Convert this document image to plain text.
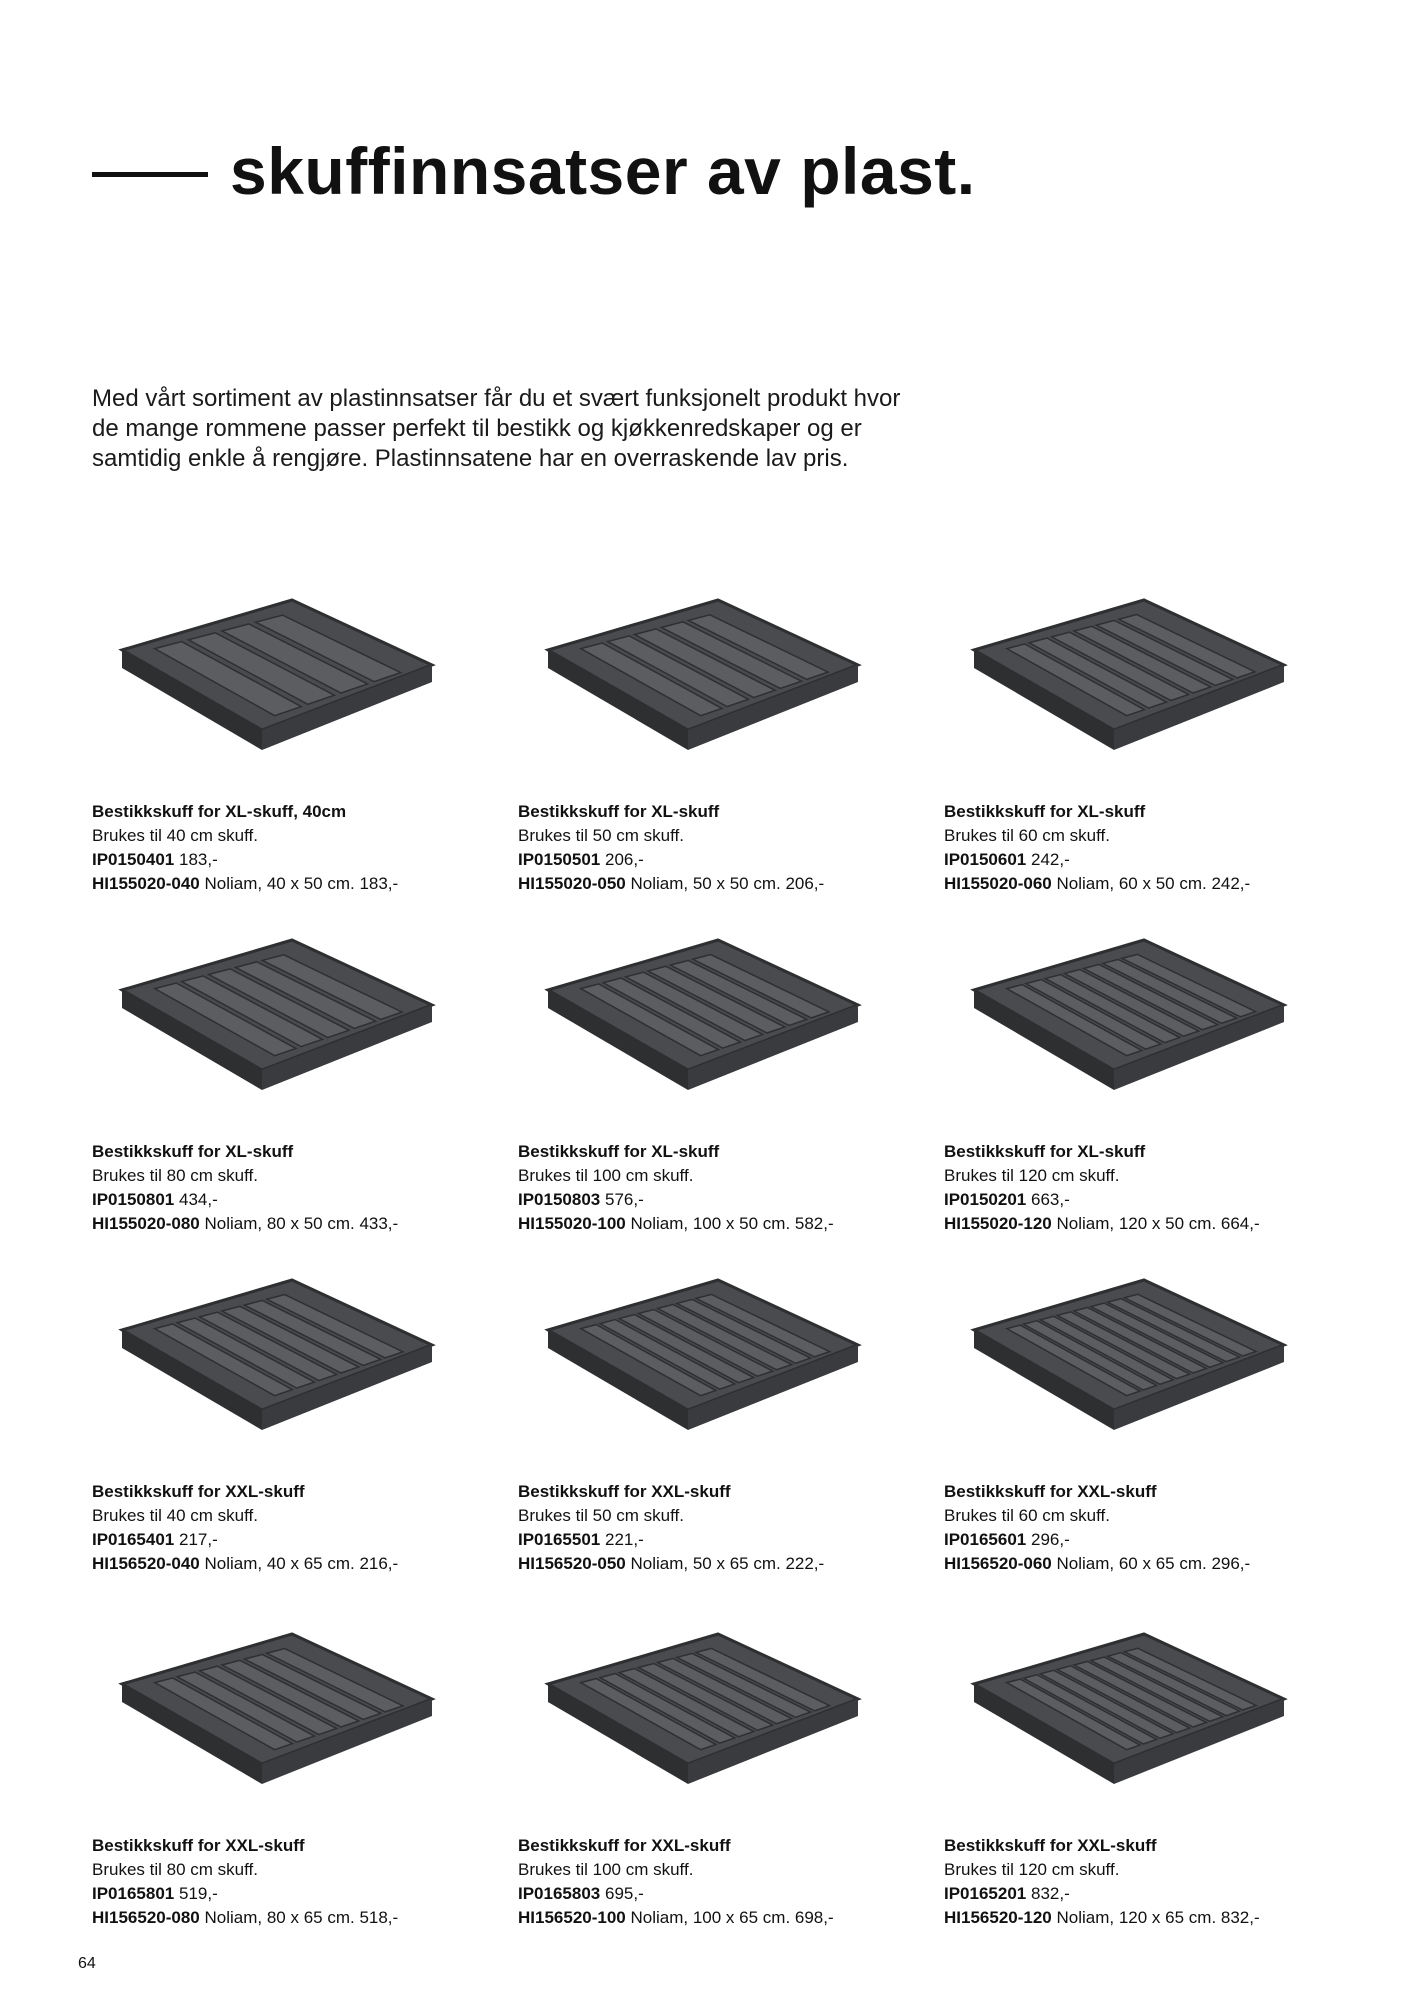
skuffinnsatser av plast.

Med vårt sortiment av plastinnsatser får du et svært funksjonelt produkt hvor

de mange rommene passer perfekt til bestikk og kjøkkenredskaper og er

samtidig enkle å rengjøre. Plastinnsatene har en overraskende lav pris.

Bestikkskuff for XL-skuff, 40cm
Brukes til 40 cm skuff.
IP0150401 183,-
HI155020-040 Noliam, 40 x 50 cm. 183,-
Bestikkskuff for XL-skuff
Brukes til 50 cm skuff.
IP0150501 206,-
HI155020-050 Noliam, 50 x 50 cm. 206,-
Bestikkskuff for XL-skuff
Brukes til 60 cm skuff.
IP0150601 242,-
HI155020-060 Noliam, 60 x 50 cm. 242,-
Bestikkskuff for XL-skuff
Brukes til 80 cm skuff.
IP0150801 434,-
HI155020-080 Noliam, 80 x 50 cm. 433,-
Bestikkskuff for XL-skuff
Brukes til 100 cm skuff.
IP0150803 576,-
HI155020-100 Noliam, 100 x 50 cm. 582,-
Bestikkskuff for XL-skuff
Brukes til 120 cm skuff.
IP0150201 663,-
HI155020-120 Noliam, 120 x 50 cm. 664,-
Bestikkskuff for XXL-skuff
Brukes til 40 cm skuff.
IP0165401 217,-
HI156520-040 Noliam, 40 x 65 cm. 216,-
Bestikkskuff for XXL-skuff
Brukes til 50 cm skuff.
IP0165501 221,-
HI156520-050 Noliam, 50 x 65 cm. 222,-
Bestikkskuff for XXL-skuff
Brukes til 60 cm skuff.
IP0165601 296,-
HI156520-060 Noliam, 60 x 65 cm. 296,-
Bestikkskuff for XXL-skuff
Brukes til 80 cm skuff.
IP0165801 519,-
HI156520-080 Noliam, 80 x 65 cm. 518,-
Bestikkskuff for XXL-skuff
Brukes til 100 cm skuff.
IP0165803 695,-
HI156520-100 Noliam, 100 x 65 cm. 698,-
Bestikkskuff for XXL-skuff
Brukes til 120 cm skuff.
IP0165201 832,-
HI156520-120 Noliam, 120 x 65 cm. 832,-
64
